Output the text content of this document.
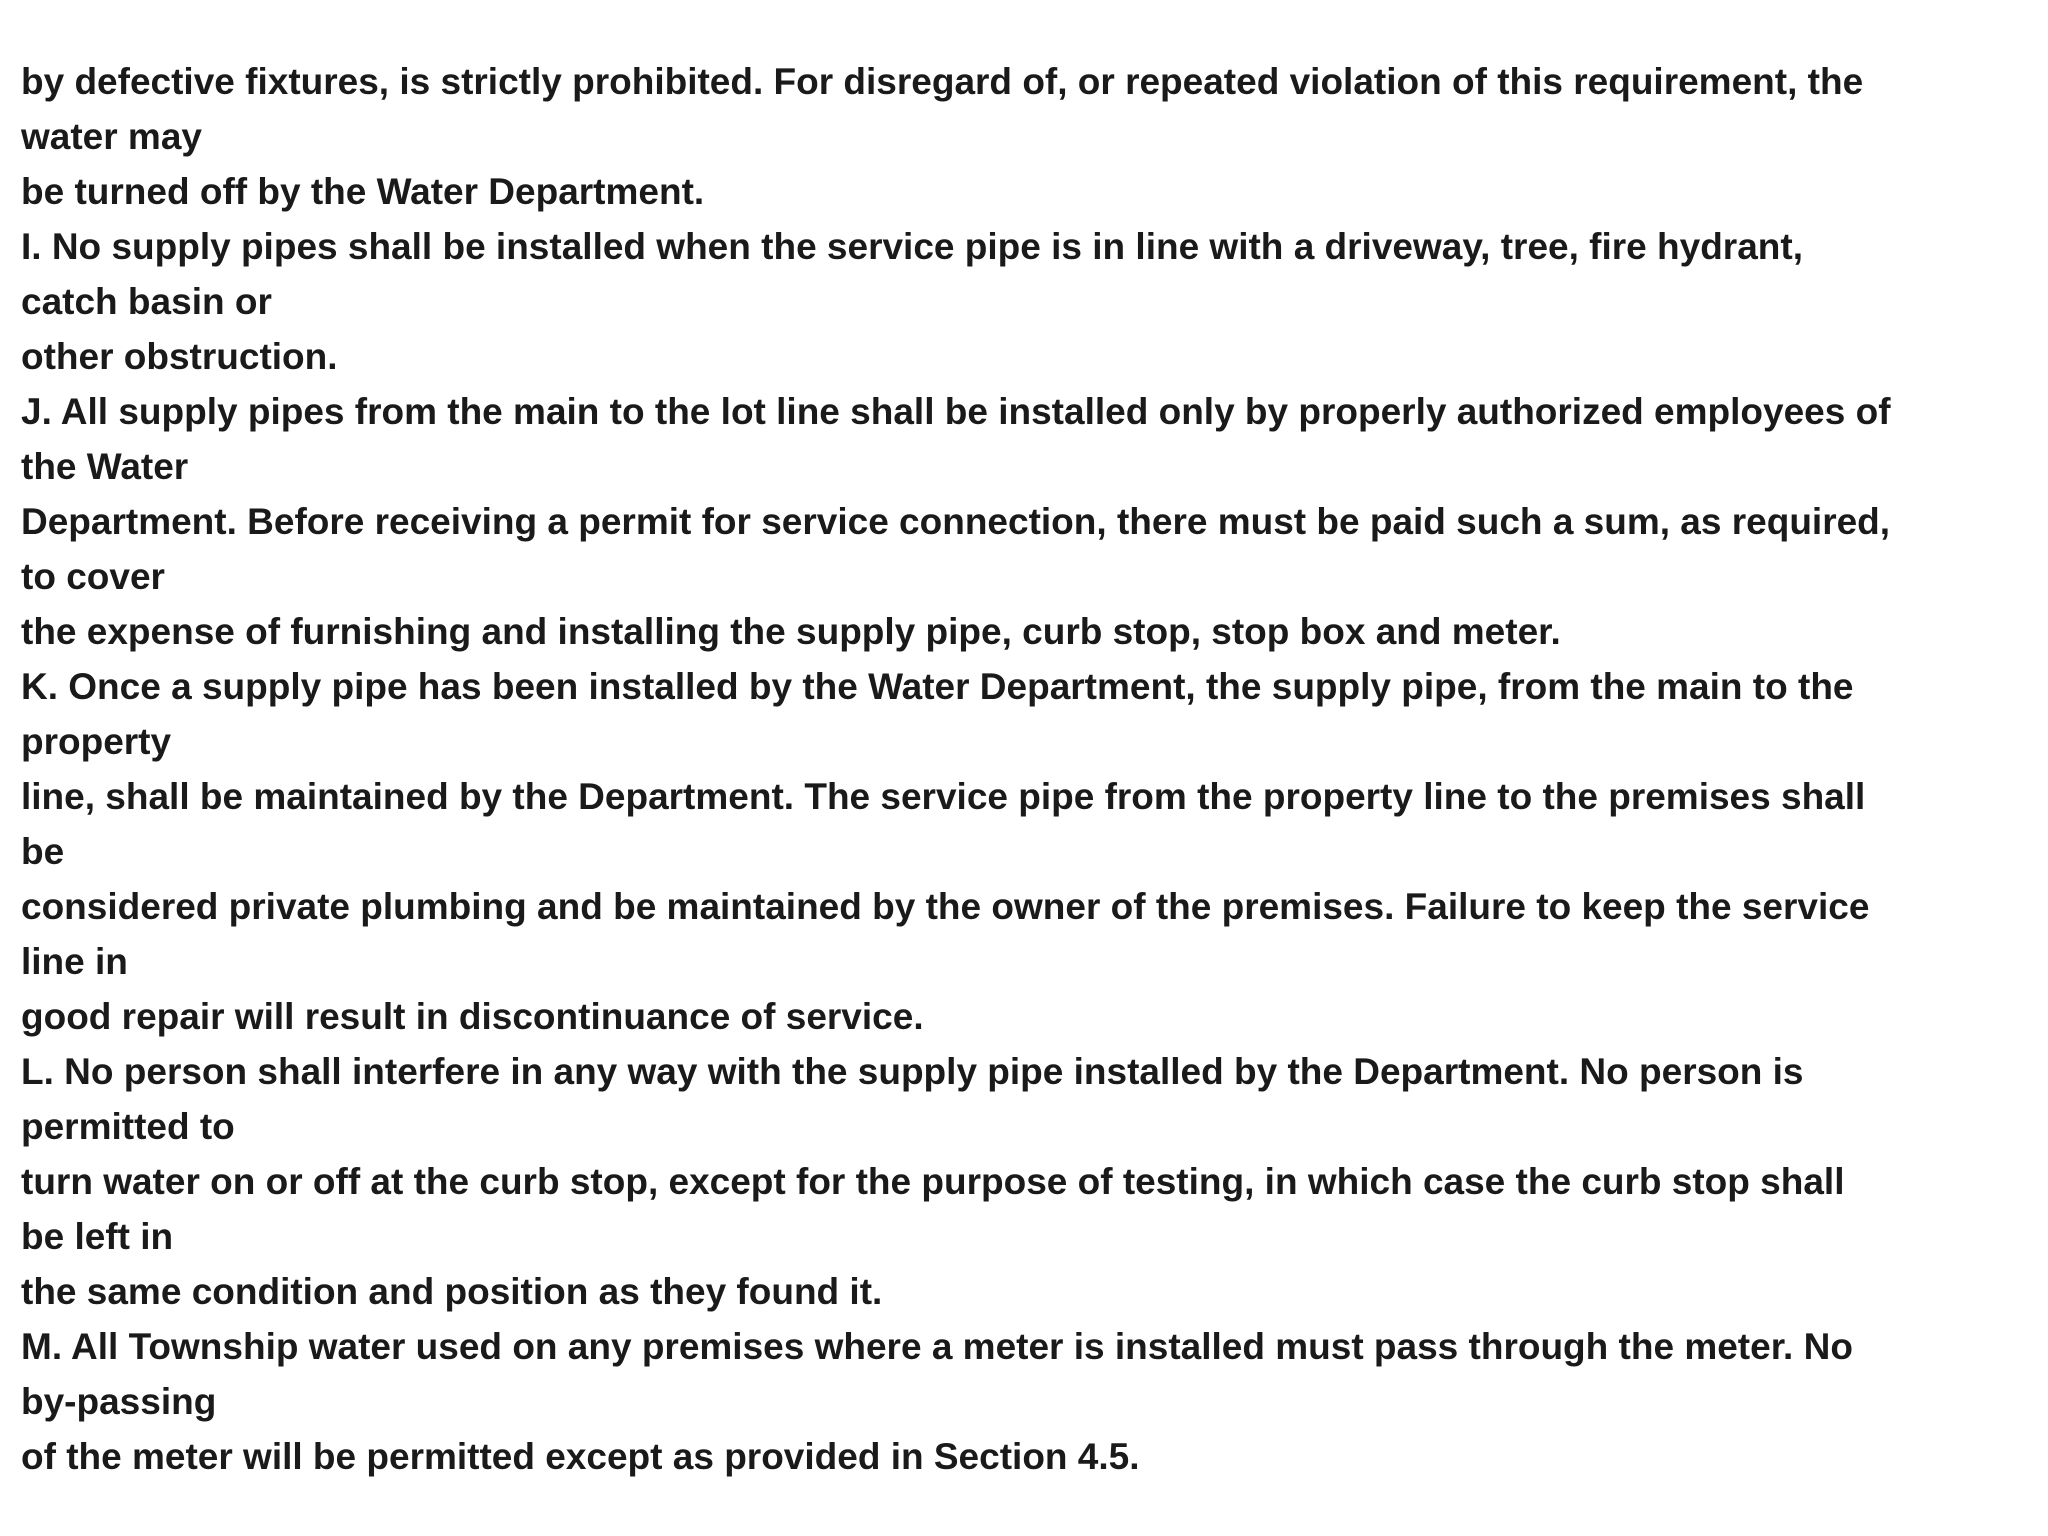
by defective fixtures, is strictly prohibited. For disregard of, or repeated violation of this requirement, the

water may

be turned off by the Water Department.

I. No supply pipes shall be installed when the service pipe is in line with a driveway, tree, fire hydrant,

catch basin or

other obstruction.

J. All supply pipes from the main to the lot line shall be installed only by properly authorized employees of

the Water

Department. Before receiving a permit for service connection, there must be paid such a sum, as required,

to cover

the expense of furnishing and installing the supply pipe, curb stop, stop box and meter.

K. Once a supply pipe has been installed by the Water Department, the supply pipe, from the main to the

property

line, shall be maintained by the Department. The service pipe from the property line to the premises shall

be

considered private plumbing and be maintained by the owner of the premises. Failure to keep the service

line in

good repair will result in discontinuance of service.

L. No person shall interfere in any way with the supply pipe installed by the Department. No person is

permitted to

turn water on or off at the curb stop, except for the purpose of testing, in which case the curb stop shall

be left in

the same condition and position as they found it.

M. All Township water used on any premises where a meter is installed must pass through the meter. No

by-passing

of the meter will be permitted except as provided in Section 4.5.
